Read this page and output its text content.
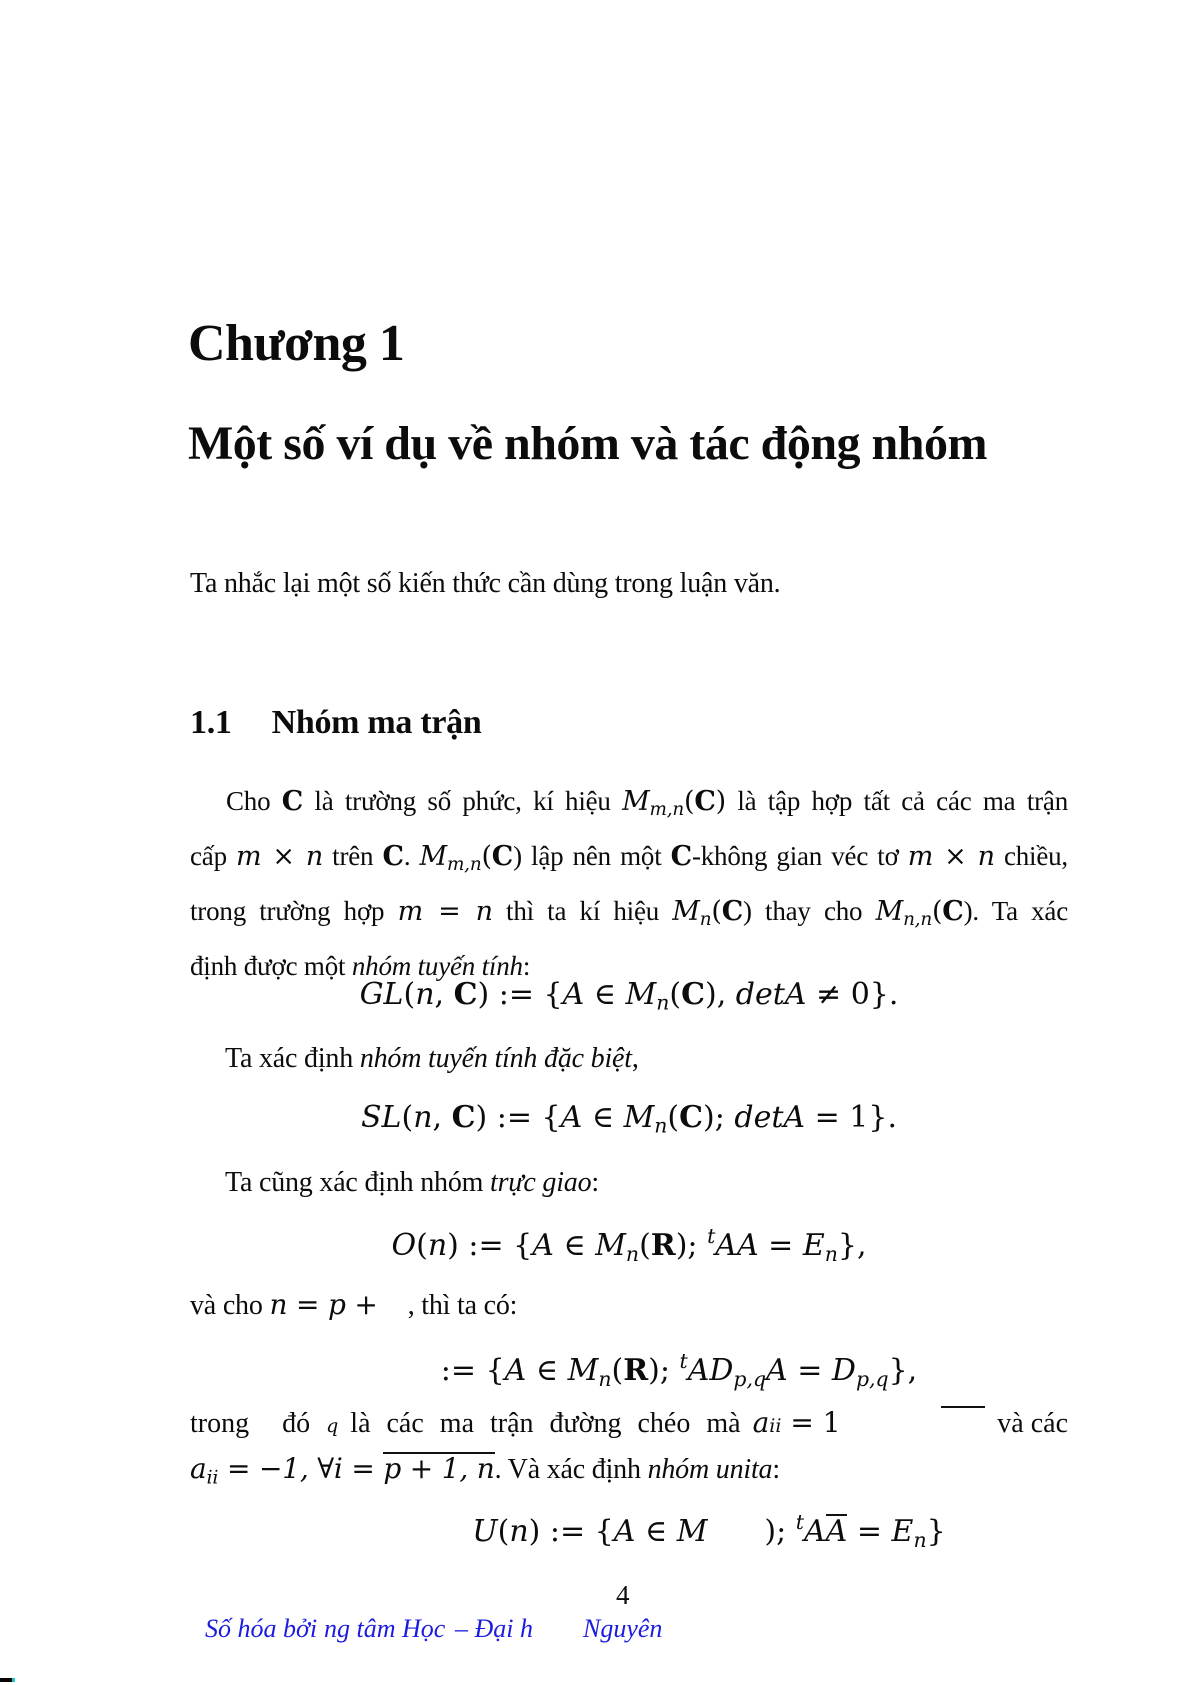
Chương 1
Một số ví dụ về nhóm và tác động nhóm
Ta nhắc lại một số kiến thức cần dùng trong luận văn.
1.1 Nhóm ma trận
Cho C là trường số phức, kí hiệu Mm,n(C) là tập hợp tất cả các ma trận
cấp m × n trên C. Mm,n(C) lập nên một C-không gian véc tơ m × n chiều,
trong trường hợp m = n thì ta kí hiệu Mn(C) thay cho Mn,n(C). Ta xác
định được một nhóm tuyến tính:
GL(n, C) := {A ∈ Mn(C), detA ≠ 0}.
Ta xác định nhóm tuyến tính đặc biệt,
SL(n, C) := {A ∈ Mn(C); detA = 1}.
Ta cũng xác định nhóm trực giao:
O(n) := {A ∈ Mn(R); $^t$AA = En},
và cho n = p + , thì ta có:
:= {A ∈ Mn(R); $^t$ADp,qA = Dp,q},
trong đó q là các ma trận đường chéo mà a ii = 1	và các
aii = −1, ∀i = p + 1, n. Và xác định nhóm unita:
U(n) := {A ∈ M ); $^t$AA = En}
4
Số hóa bởi ng tâm Học – Đại h Nguyên
